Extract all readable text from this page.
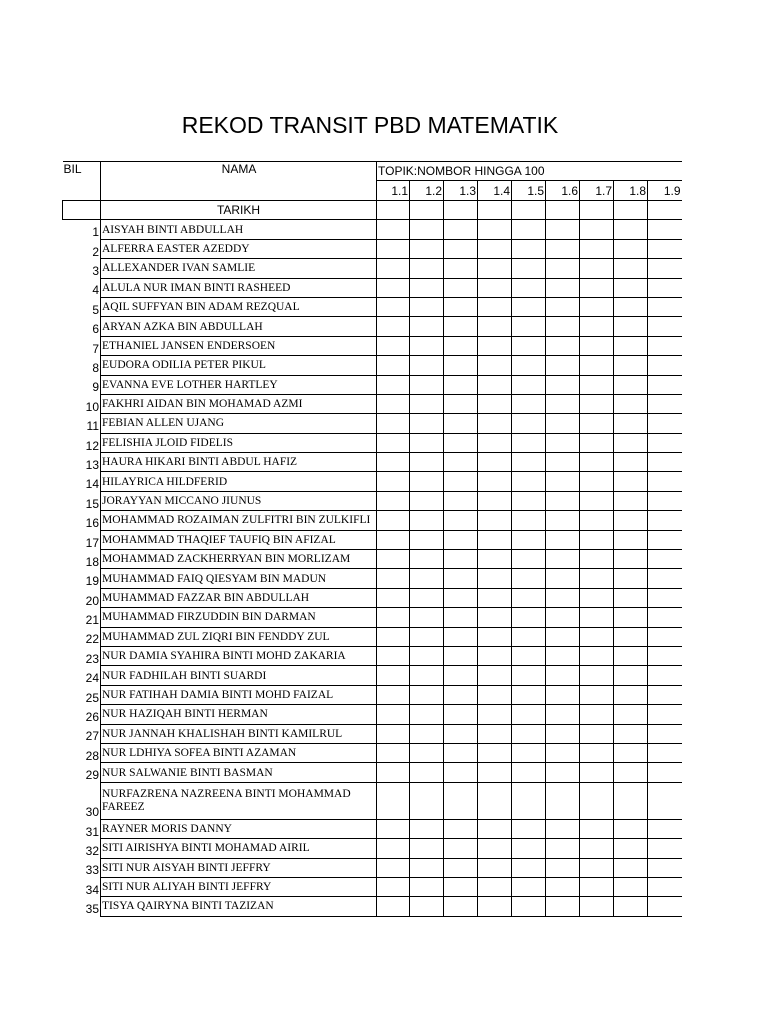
REKOD TRANSIT PBD MATEMATIK
BIL	NAMA	TOPIK:NOMBOR HINGGA 100								
		1.1	1.2	1.3	1.4	1.5	1.6	1.7	1.8	1.9
	TARIKH									
1	AISYAH BINTI ABDULLAH									
2	ALFERRA EASTER AZEDDY									
3	ALLEXANDER IVAN SAMLIE									
4	ALULA NUR IMAN BINTI RASHEED									
5	AQIL SUFFYAN BIN ADAM REZQUAL									
6	ARYAN AZKA BIN ABDULLAH									
7	ETHANIEL JANSEN ENDERSOEN									
8	EUDORA ODILIA PETER PIKUL									
9	EVANNA EVE LOTHER HARTLEY									
10	FAKHRI AIDAN BIN MOHAMAD AZMI									
11	FEBIAN ALLEN UJANG									
12	FELISHIA JLOID FIDELIS									
13	HAURA HIKARI BINTI ABDUL HAFIZ									
14	HILAYRICA HILDFERID									
15	JORAYYAN MICCANO JIUNUS									
16	MOHAMMAD ROZAIMAN ZULFITRI BIN ZULKIFLI									
17	MOHAMMAD THAQIEF TAUFIQ BIN AFIZAL									
18	MOHAMMAD ZACKHERRYAN BIN MORLIZAM									
19	MUHAMMAD FAIQ QIESYAM BIN MADUN									
20	MUHAMMAD FAZZAR BIN ABDULLAH									
21	MUHAMMAD FIRZUDDIN BIN DARMAN									
22	MUHAMMAD ZUL ZIQRI BIN FENDDY ZUL									
23	NUR DAMIA SYAHIRA BINTI MOHD ZAKARIA									
24	NUR FADHILAH BINTI SUARDI									
25	NUR FATIHAH DAMIA BINTI MOHD FAIZAL									
26	NUR HAZIQAH BINTI HERMAN									
27	NUR JANNAH KHALISHAH BINTI KAMILRUL									
28	NUR LDHIYA SOFEA BINTI AZAMAN									
29	NUR SALWANIE BINTI BASMAN									
30	NURFAZRENA NAZREENA BINTI MOHAMMAD FAREEZ									
31	RAYNER MORIS DANNY									
32	SITI AIRISHYA BINTI MOHAMAD AIRIL									
33	SITI NUR AISYAH BINTI JEFFRY									
34	SITI NUR ALIYAH BINTI JEFFRY									
35	TISYA QAIRYNA BINTI TAZIZAN									
